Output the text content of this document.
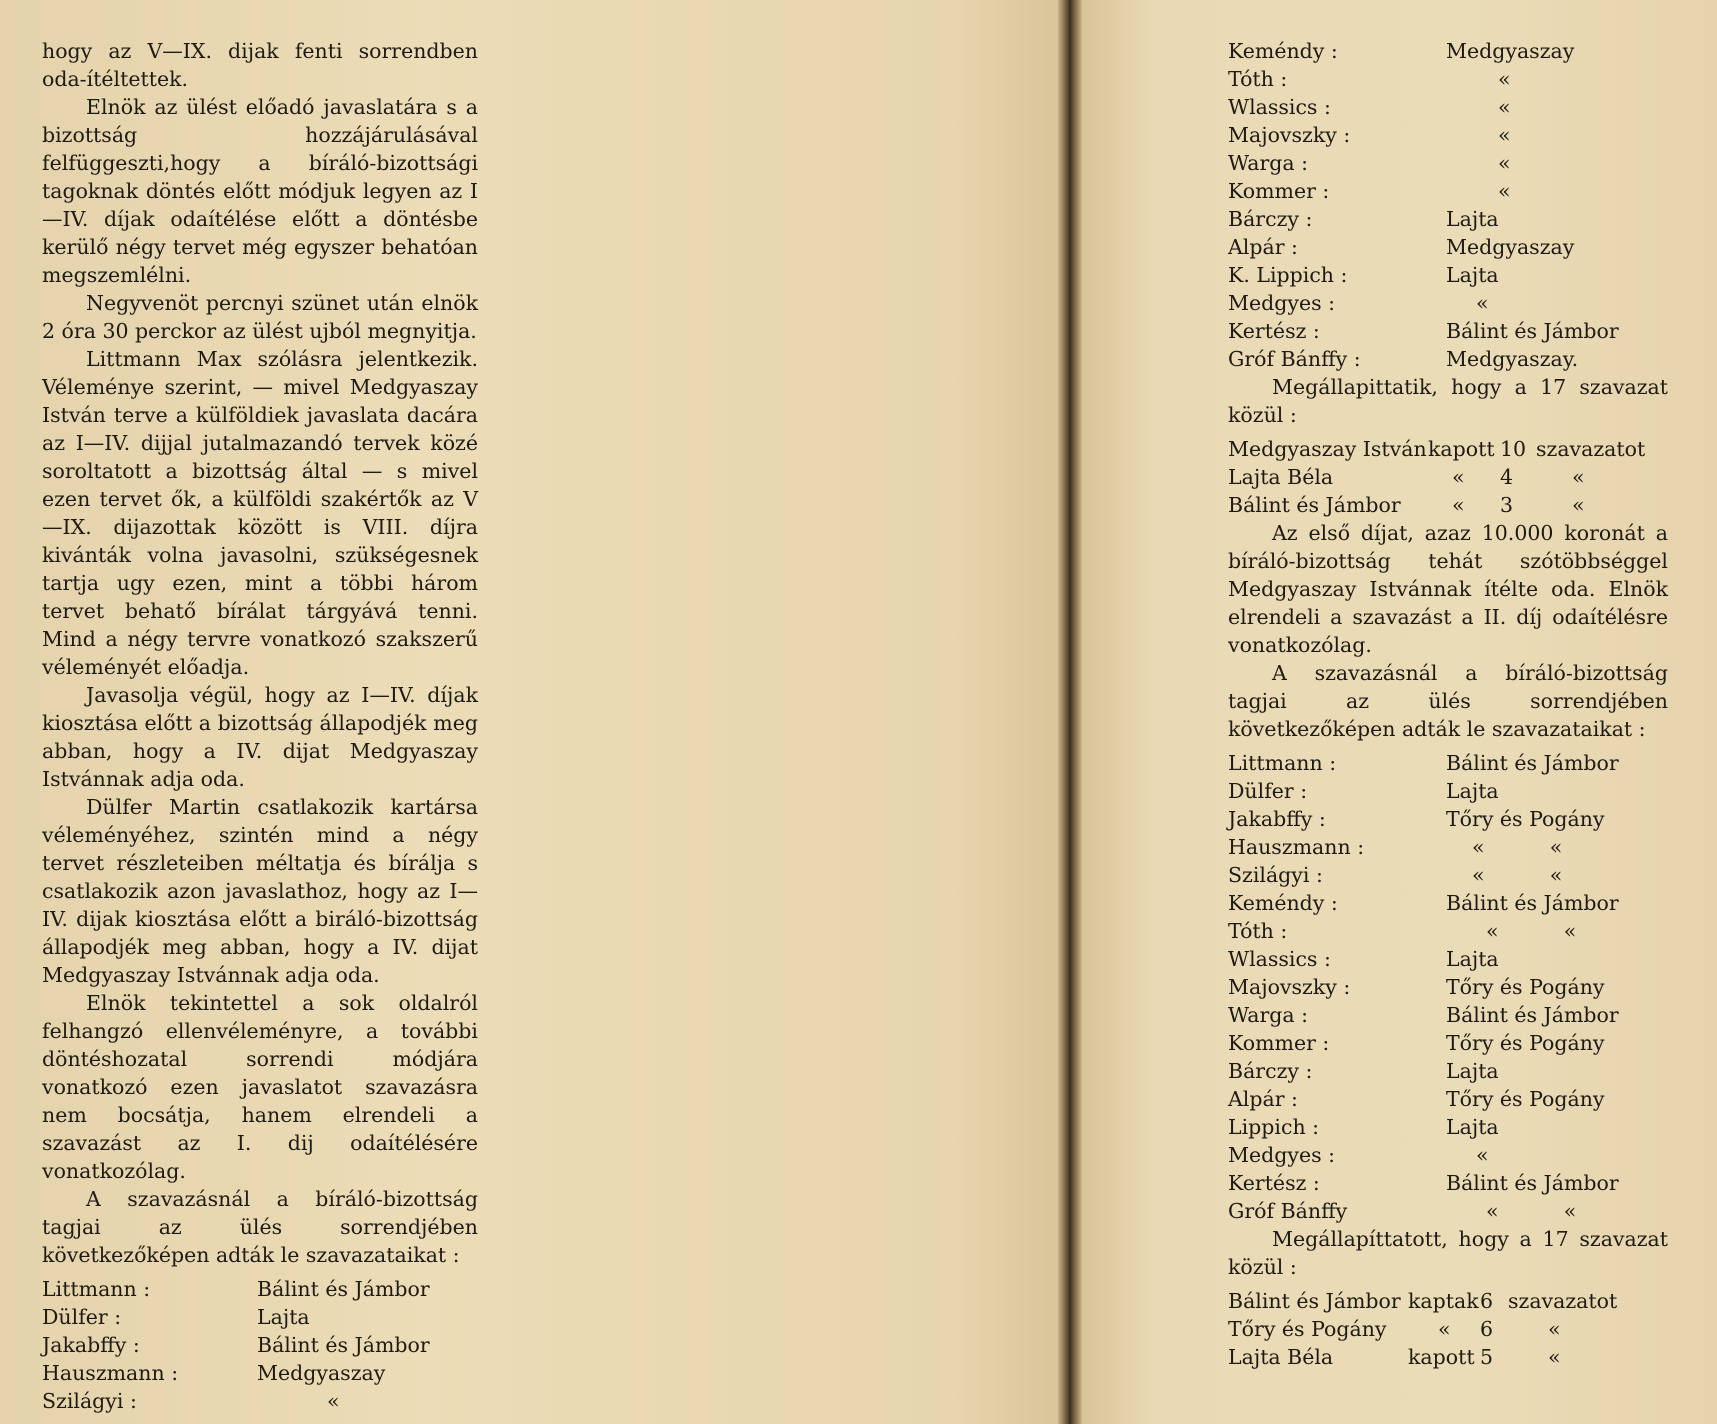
hogy az V—IX. dijak fenti sorrendben oda-ítéltettek.

Elnök az ülést előadó javaslatára s a bizottság hozzájárulásával felfüggeszti,hogy a bíráló-bizottsági tagoknak döntés előtt módjuk legyen az I—IV. díjak odaítélése előtt a döntésbe kerülő négy tervet még egyszer behatóan megszemlélni.

Negyvenöt percnyi szünet után elnök 2 óra 30 perckor az ülést ujból megnyitja.

Littmann Max szólásra jelentkezik. Véleménye szerint, — mivel Medgyaszay István terve a külföldiek javaslata dacára az I—IV. dijjal jutalmazandó tervek közé soroltatott a bizottság által — s mivel ezen tervet ők, a külföldi szakértők az V—IX. dijazottak között is VIII. díjra kivánták volna javasolni, szükségesnek tartja ugy ezen, mint a többi három tervet behatő bírálat tárgyává tenni. Mind a négy tervre vonatkozó szakszerű véleményét előadja.

Javasolja végül, hogy az I—IV. díjak kiosztása előtt a bizottság állapodjék meg abban, hogy a IV. dijat Medgyaszay Istvánnak adja oda.

Dülfer Martin csatlakozik kartársa véleményéhez, szintén mind a négy tervet részleteiben méltatja és bírálja s csatlakozik azon javaslathoz, hogy az I—IV. dijak kiosztása előtt a biráló-bizottság állapodjék meg abban, hogy a IV. dijat Medgyaszay Istvánnak adja oda.

Elnök tekintettel a sok oldalról felhangzó ellenvéleményre, a további döntéshozatal sorrendi módjára vonatkozó ezen javaslatot szavazásra nem bocsátja, hanem elrendeli a szavazást az I. dij odaítélésére vonatkozólag.

A szavazásnál a bíráló-bizottság tagjai az ülés sorrendjében következőképen adták le szavazataikat :

Littmann :	Bálint és Jámbor
Dülfer :	Lajta
Jakabffy :	Bálint és Jámbor
Hauszmann :	Medgyaszay
Szilágyi :	«
Keméndy :	Medgyaszay
Tóth :	«
Wlassics :	«
Majovszky :	«
Warga :	«
Kommer :	«
Bárczy :	Lajta
Alpár :	Medgyaszay
K. Lippich :	Lajta
Medgyes :	«
Kertész :	Bálint és Jámbor
Gróf Bánffy :	Medgyaszay.

Megállapittatik, hogy a 17 szavazat közül :

Medgyaszay István	kapott	10	szavazatot
Lajta Béla	«	4	«
Bálint és Jámbor	«	3	«

Az első díjat, azaz 10.000 koronát a bíráló-bizottság tehát szótöbbséggel Medgyaszay Istvánnak ítélte oda. Elnök elrendeli a szavazást a II. díj odaítélésre vonatkozólag.

A szavazásnál a bíráló-bizottság tagjai az ülés sorrendjében következőképen adták le szavazataikat :

Littmann :	Bálint és Jámbor
Dülfer :	Lajta
Jakabffy :	Tőry és Pogány
Hauszmann :	«          «
Szilágyi :	«          «
Keméndy :	Bálint és Jámbor
Tóth :	«          «
Wlassics :	Lajta
Majovszky :	Tőry és Pogány
Warga :	Bálint és Jámbor
Kommer :	Tőry és Pogány
Bárczy :	Lajta
Alpár :	Tőry és Pogány
Lippich :	Lajta
Medgyes :	«
Kertész :	Bálint és Jámbor
Gróf Bánffy	«          «

Megállapíttatott, hogy a 17 szavazat közül :

Bálint és Jámbor	kaptak	6	szavazatot
Tőry és Pogány	«	6	«
Lajta Béla	kapott	5	«
